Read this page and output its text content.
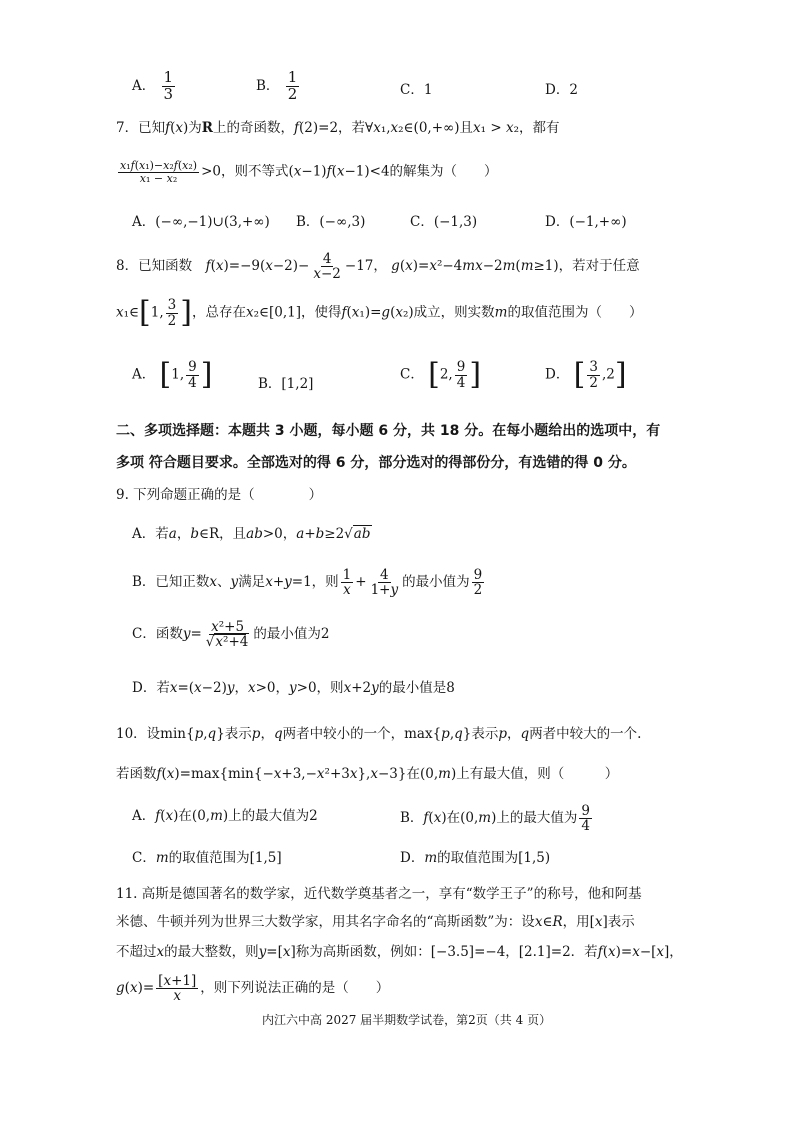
A． $\frac{1}{3}$	B． $\frac{1}{2}$	C．1	D．2
7．已知f(x)为R上的奇函数，f(2)=2，若∀x₁,x₂∈(0,+∞)且x₁ > x₂，都有
$\frac{\text{x₁f(x₁)−x₂f(x₂)}}{\text{x₁ − x₂}} >0$，则不等式(x−1)f(x−1)<4的解集为（　　）
A．(−∞,−1)∪(3,+∞) B．(−∞,3)	C．(−1,3)	D．(−1,+∞)
8．已知函数　$f(x)=-9(x-2)- \frac{4}{x-2} -17$， g(x)=x²−4mx−2m(m≥1)，若对于任意
x₁∈[1, $\frac{3}{2}$ ]，总存在x₂∈[0,1]，使得f(x₁)=g(x₂)成立，则实数m的取值范围为（　　）
A． [1, $\frac{9}{4}$ ]	B．[1,2]
C． [2, $\frac{9}{4}$ ]	D． [ $\frac{3}{2} ,2$]
二、多项选择题：本题共 3 小题，每小题 6 分，共 18 分。在每小题给出的选项中，有
多项 符合题目要求。全部选对的得 6 分，部分选对的得部份分，有选错的得 0 分。
9. 下列命题正确的是（　　　　）
A．若a，b∈R，且ab>0，a+b≥2√ab
B．已知正数x、y满足x+y=1，则 $\frac{1}{x} + \frac{4}{1+y}$ 的最小值为 $\frac{9}{2}$
C．函数$y= \frac{\text{x²+5}}{\text{√x²+4}}$ 的最小值为2
D．若x=(x−2)y，x>0，y>0，则x+2y的最小值是8
10．设min{p,q}表示p，q两者中较小的一个，max{p,q}表示p，q两者中较大的一个.
若函数f(x)=max{min{−x+3,−x²+3x},x−3}在(0,m)上有最大值，则（　　　）
A．f(x)在(0,m)上的最大值为2	B．f(x)在(0,m)上的最大值为 $\frac{9}{4}$
C．m的取值范围为[1,5]	D．m的取值范围为[1,5)
11. 高斯是德国著名的数学家，近代数学奠基者之一，享有“数学王子”的称号，他和阿基
米德、牛顿并列为世界三大数学家，用其名字命名的“高斯函数”为：设x∈R，用[x]表示
不超过x的最大整数，则y=[x]称为高斯函数，例如：[−3.5]=−4，[2.1]=2．若f(x)=x−[x]，
$g(x)= \frac{[x+1]}{x}$ ，则下列说法正确的是（　　）
内江六中高 2027 届半期数学试卷，第2页（共 4 页）
